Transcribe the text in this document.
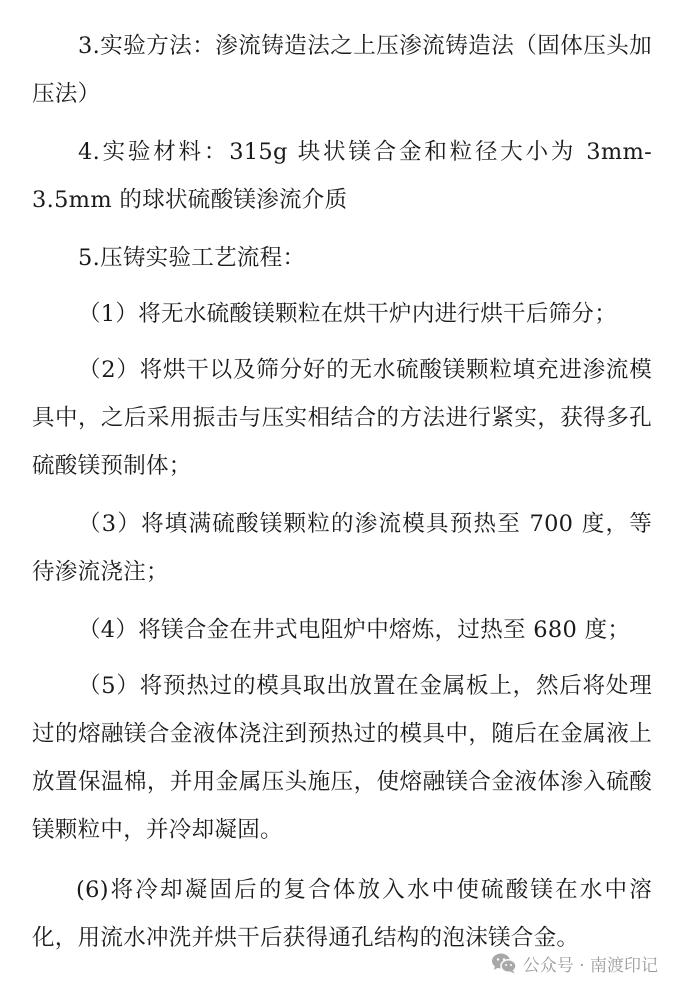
3.实验方法：渗流铸造法之上压渗流铸造法（固体压头加压法）

4.实验材料：315g 块状镁合金和粒径大小为 3mm-3.5mm 的球状硫酸镁渗流介质

5.压铸实验工艺流程：

（1）将无水硫酸镁颗粒在烘干炉内进行烘干后筛分；

（2）将烘干以及筛分好的无水硫酸镁颗粒填充进渗流模具中，之后采用振击与压实相结合的方法进行紧实，获得多孔硫酸镁预制体；

（3）将填满硫酸镁颗粒的渗流模具预热至 700 度，等待渗流浇注；

（4）将镁合金在井式电阻炉中熔炼，过热至 680 度；

（5）将预热过的模具取出放置在金属板上，然后将处理过的熔融镁合金液体浇注到预热过的模具中，随后在金属液上放置保温棉，并用金属压头施压，使熔融镁合金液体渗入硫酸镁颗粒中，并冷却凝固。

(6)将冷却凝固后的复合体放入水中使硫酸镁在水中溶化，用流水冲洗并烘干后获得通孔结构的泡沫镁合金。

公众号 · 南渡印记
